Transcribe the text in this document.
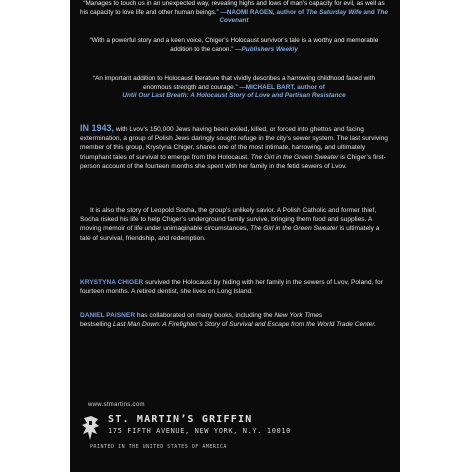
“Manages to touch us in an unexpected way, revealing highs and lows of man’s capacity for evil, as well as his capacity to love life and other human beings.” —NAOMI RAGEN, author of The Saturday Wife and The Covenant

“With a powerful story and a keen voice, Chiger’s Holocaust survivor’s tale is a worthy and memorable addition to the canon.” —Publishers Weekly

“An important addition to Holocaust literature that vividly describes a harrowing childhood faced with enormous strength and courage.” —MICHAEL BART, author of
Until Our Last Breath: A Holocaust Story of Love and Partisan Resistance

IN 1943, with Lvov’s 150,000 Jews having been exiled, killed, or forced into ghettos and facing extermination, a group of Polish Jews daringly sought refuge in the city’s sewer system. The last surviving member of this group, Krystyna Chiger, shares one of the most intimate, harrowing, and ultimately triumphant tales of survival to emerge from the Holocaust. The Girl in the Green Sweater is Chiger’s first-person account of the fourteen months she spent with her family in the fetid sewers of Lvov.

It is also the story of Leopold Socha, the group’s unlikely savior. A Polish Catholic and former thief, Socha risked his life to help Chiger’s underground family survive, bringing them food and supplies. A moving memoir of life under unimaginable circumstances, The Girl in the Green Sweater is ultimately a tale of survival, friendship, and redemption.

KRYSTYNA CHIGER survived the Holocaust by hiding with her family in the sewers of Lvov, Poland, for fourteen months. A retired dentist, she lives on Long Island.

DANIEL PAISNER has collaborated on many books, including the New York Times
bestselling Last Man Down: A Firefighter’s Story of Survival and Escape from the World Trade Center.

www.stmartins.com
ST. MARTIN’S GRIFFIN
175 FIFTH AVENUE, NEW YORK, N.Y. 10010
PRINTED IN THE UNITED STATES OF AMERICA
